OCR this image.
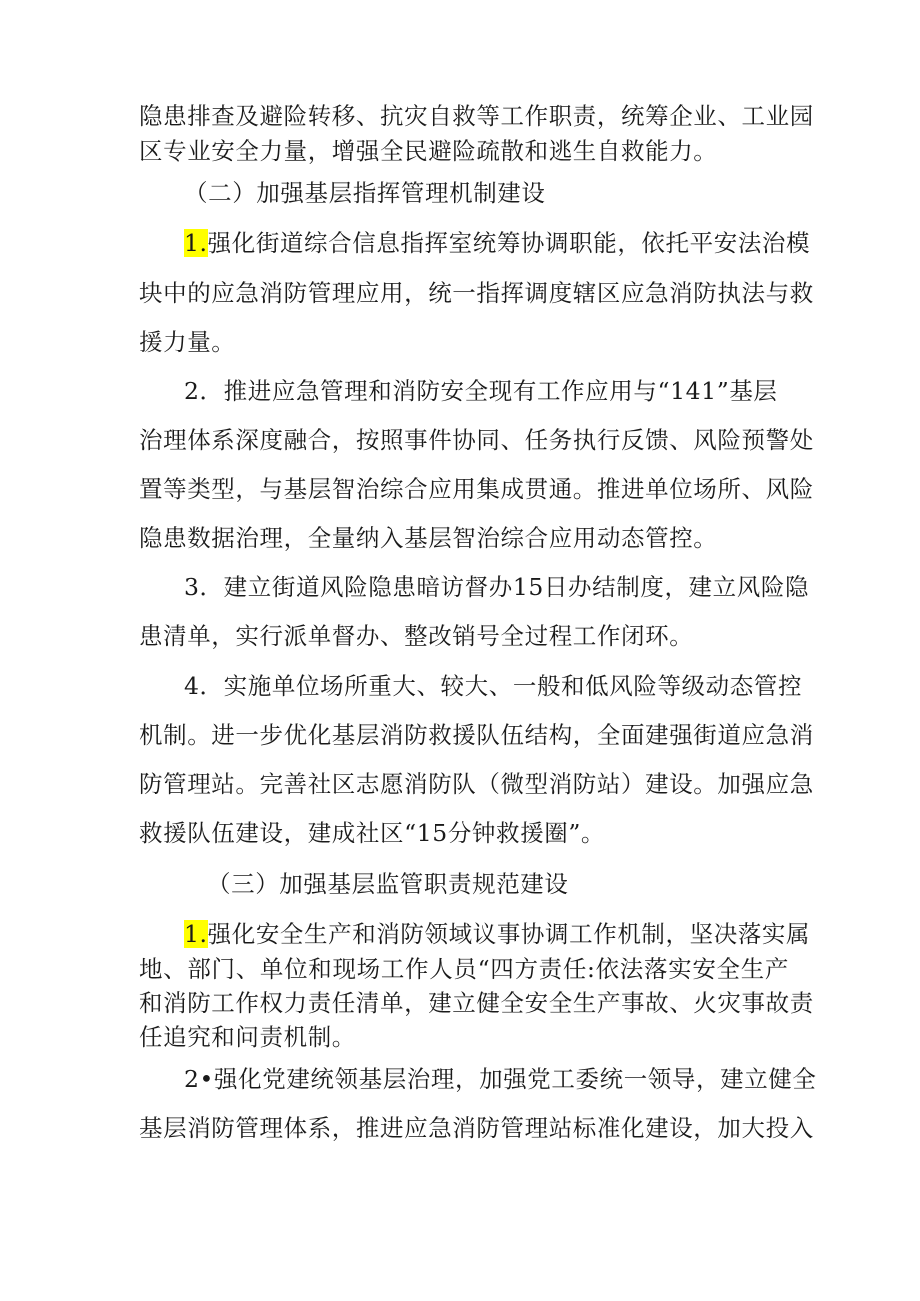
隐患排查及避险转移、抗灾自救等工作职责，统筹企业、工业园
区专业安全力量，增强全民避险疏散和逃生自救能力。
（二）加强基层指挥管理机制建设
1.强化街道综合信息指挥室统筹协调职能，依托平安法治模
块中的应急消防管理应用，统一指挥调度辖区应急消防执法与救
援力量。
2．推进应急管理和消防安全现有工作应用与“141”基层
治理体系深度融合，按照事件协同、任务执行反馈、风险预警处
置等类型，与基层智治综合应用集成贯通。推进单位场所、风险
隐患数据治理，全量纳入基层智治综合应用动态管控。
3．建立街道风险隐患暗访督办15日办结制度，建立风险隐
患清单，实行派单督办、整改销号全过程工作闭环。
4．实施单位场所重大、较大、一般和低风险等级动态管控
机制。进一步优化基层消防救援队伍结构，全面建强街道应急消
防管理站。完善社区志愿消防队（微型消防站）建设。加强应急
救援队伍建设，建成社区“15分钟救援圈”。
（三）加强基层监管职责规范建设
1.强化安全生产和消防领域议事协调工作机制，坚决落实属
地、部门、单位和现场工作人员“四方责任:依法落实安全生产
和消防工作权力责任清单，建立健全安全生产事故、火灾事故责
任追究和问责机制。
2•强化党建统领基层治理，加强党工委统一领导，建立健全
基层消防管理体系，推进应急消防管理站标准化建设，加大投入
